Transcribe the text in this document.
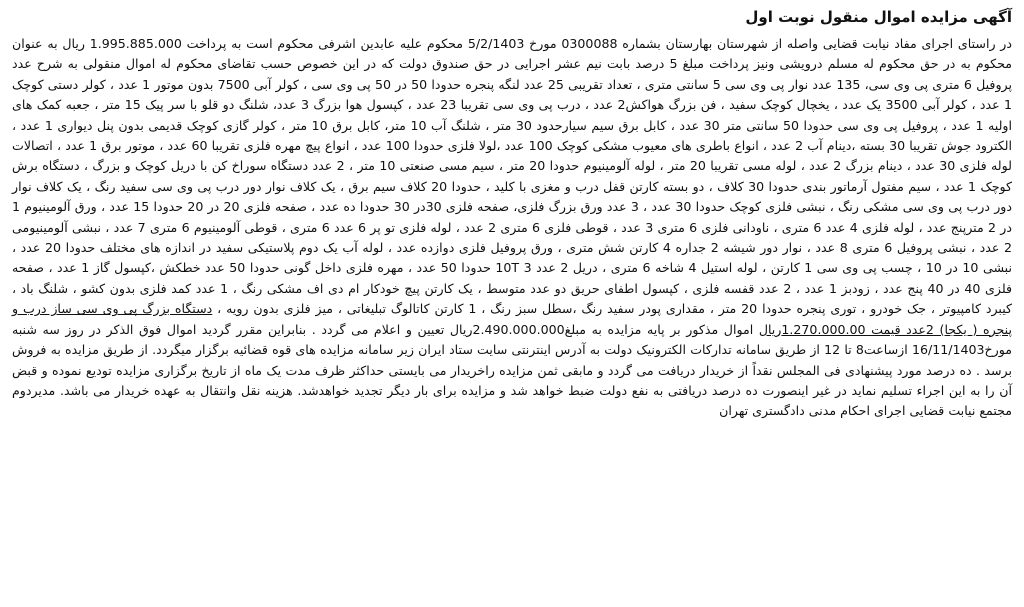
آگهی مزایده اموال منقول نوبت اول
در راستای اجرای مفاد نیابت قضایی واصله از شهرستان بهارستان بشماره 0300088 مورخ 5/2/1403 محکوم علیه عابدین اشرفی محکوم است به پرداخت 1.995.885.000 ریال به عنوان محکوم به در حق محکوم له مسلم درویشی ونیز پرداخت مبلغ 5 درصد بابت نیم عشر اجرایی در حق صندوق دولت که در این خصوص حسب تقاضای محکوم له اموال منقولی به شرح عدد پروفیل 6 متری پی وی سی، 135 عدد نوار پی وی سی 5 سانتی متری ، تعداد تقریبی 25 عدد لنگه پنجره حدودا 50 در 50 پی وی سی ، کولر آبی 7500 بدون موتور 1 عدد ، کولر دستی کوچک 1 عدد ، کولر آبی 3500 یک عدد ، یخچال کوچک سفید ، فن بزرگ هواکش2 عدد ، درب پی وی سی تقریبا 23 عدد ، کپسول هوا بزرگ 3 عدد، شلنگ دو قلو با سر پیک 15 متر ، جعبه کمک های اولیه 1 عدد ، پروفیل پی وی سی حدودا 50 سانتی متر 30 عدد ، کابل برق سیم سیارحدود 30 متر ، شلنگ آب 10 متر، کابل برق 10 متر ، کولر گازی کوچک قدیمی بدون پنل دیواری 1 عدد ، الکترود جوش تقریبا 30 بسته ،دینام آب 2 عدد ، انواع باطری های معیوب مشکی کوچک 100 عدد ،لولا فلزی حدودا 100 عدد ، انواع پیچ مهره فلزی تقریبا 60 عدد ، موتور برق 1 عدد ، اتصالات لوله فلزی 30 عدد ، دینام بزرگ 2 عدد ، لوله مسی تقریبا 20 متر ، لوله آلومینیوم حدودا 20 متر ، سیم مسی صنعتی 10 متر ، 2 عدد دستگاه سوراخ کن با دریل کوچک و بزرگ ، دستگاه برش کوچک 1 عدد ، سیم مفتول آرماتور بندی حدودا 30 کلاف ، دو بسته کارتن قفل درب و مغزی با کلید ، حدودا 20 کلاف سیم برق ، یک کلاف نوار دور درب پی وی سی سفید رنگ ، یک کلاف نوار دور درب پی وی سی مشکی رنگ ، نبشی فلزی کوچک حدودا 30 عدد ، 3 عدد ورق بزرگ فلزی، صفحه فلزی 30در 30 حدودا ده عدد ، صفحه فلزی 20 در 20 حدودا 15 عدد ، ورق آلومینیوم 1 در 2 مترپنج عدد ، لوله فلزی 4 عدد 6 متری ، ناودانی فلزی 6 متری 3 عدد ، قوطی فلزی 6 متری 2 عدد ، لوله فلزی تو پر 6 عدد 6 متری ، قوطی آلومینیوم 6 متری 7 عدد ، نبشی آلومینیومی 2 عدد ، نبشی پروفیل 6 متری 8 عدد ، نوار دور شیشه 2 جداره 4 کارتن شش متری ، ورق پروفیل فلزی دوازده عدد ، لوله آب یک دوم پلاستیکی سفید در اندازه های مختلف حدودا 20 عدد ، نبشی 10 در 10 ، چسب پی وی سی 1 کارتن ، لوله استیل 4 شاخه 6 متری ، دریل 2 عدد 3 10T حدودا 50 عدد ، مهره فلزی داخل گونی حدودا 50 عدد خطکش ،کپسول گاز 1 عدد ، صفحه فلزی 40 در 40 پنج عدد ، زودبز 1 عدد ، 2 عدد قفسه فلزی ، کپسول اطفای حریق دو عدد متوسط ، یک کارتن پیچ خودکار ام دی اف مشکی رنگ ، 1 عدد کمد فلزی بدون کشو ، شلنگ باد ، کیبرد کامپیوتر ، جک خودرو ، توری پنجره حدودا 20 متر ، مقداری پودر سفید رنگ ،سطل سبز رنگ ، 1 کارتن کاتالوگ تبلیغاتی ، میز فلزی بدون رویه ، دستگاه بزرگ پی وی سی ساز درب و پنجره ( یکجا) 2عدد قیمت 1.270.000.00ریال اموال مذکور بر پایه مزایده به مبلغ2.490.000.000ریال تعیین و اعلام می گردد . بنابراین مقرر گردید اموال فوق الذکر در روز سه شنبه مورخ16/11/1403 ازساعت8 تا 12 از طریق سامانه تدارکات الکترونیک دولت به آدرس اینترنتی سایت ستاد ایران زیر سامانه مزایده های قوه قضائیه برگزار میگردد. از طریق مزایده به فروش برسد . ده درصد مورد پیشنهادی فی المجلس نقداً از خریدار دریافت می گردد و مابقی ثمن مزایده راخریدار می بایستی حداکثر ظرف مدت یک ماه از تاریخ برگزاری مزایده تودیع نموده و قبض آن را به این اجراء تسلیم نماید در غیر اینصورت ده درصد دریافتی به نفع دولت ضبط خواهد شد و مزایده برای بار دیگر تجدید خواهدشد. هزینه نقل وانتقال به عهده خریدار می باشد. مدیردوم مجتمع نیابت قضایی اجرای احکام مدنی دادگستری تهران
